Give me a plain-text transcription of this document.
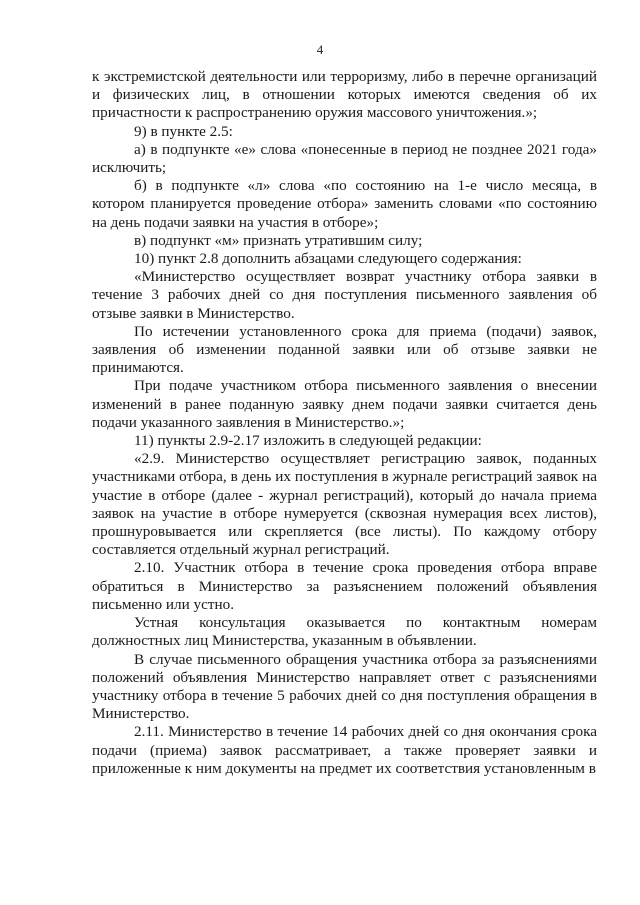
4

к экстремистской деятельности или терроризму, либо в перечне организаций и физических лиц, в отношении которых имеются сведения об их причастности к распространению оружия массового уничтожения.»;

9) в пункте 2.5:

а) в подпункте «е» слова «понесенные в период не позднее 2021 года» исключить;

б) в подпункте «л» слова «по состоянию на 1-е число месяца, в котором планируется проведение отбора» заменить словами «по состоянию на день подачи заявки на участия в отборе»;

в) подпункт «м» признать утратившим силу;

10) пункт 2.8 дополнить абзацами следующего содержания:

«Министерство осуществляет возврат участнику отбора заявки в течение 3 рабочих дней со дня поступления письменного заявления об отзыве заявки в Министерство.

По истечении установленного срока для приема (подачи) заявок, заявления об изменении поданной заявки или об отзыве заявки не принимаются.

При подаче участником отбора письменного заявления о внесении изменений в ранее поданную заявку днем подачи заявки считается день подачи указанного заявления в Министерство.»;

11) пункты 2.9-2.17 изложить в следующей редакции:

«2.9. Министерство осуществляет регистрацию заявок, поданных участниками отбора, в день их поступления в журнале регистраций заявок на участие в отборе (далее - журнал регистраций), который до начала приема заявок на участие в отборе нумеруется (сквозная нумерация всех листов), прошнуровывается или скрепляется (все листы). По каждому отбору составляется отдельный журнал регистраций.

2.10. Участник отбора в течение срока проведения отбора вправе обратиться в Министерство за разъяснением положений объявления письменно или устно.

Устная консультация оказывается по контактным номерам должностных лиц Министерства, указанным в объявлении.

В случае письменного обращения участника отбора за разъяснениями положений объявления Министерство направляет ответ с разъяснениями участнику отбора в течение 5 рабочих дней со дня поступления обращения в Министерство.

2.11. Министерство в течение 14 рабочих дней со дня окончания срока подачи (приема) заявок рассматривает, а также проверяет заявки и приложенные к ним документы на предмет их соответствия установленным в
